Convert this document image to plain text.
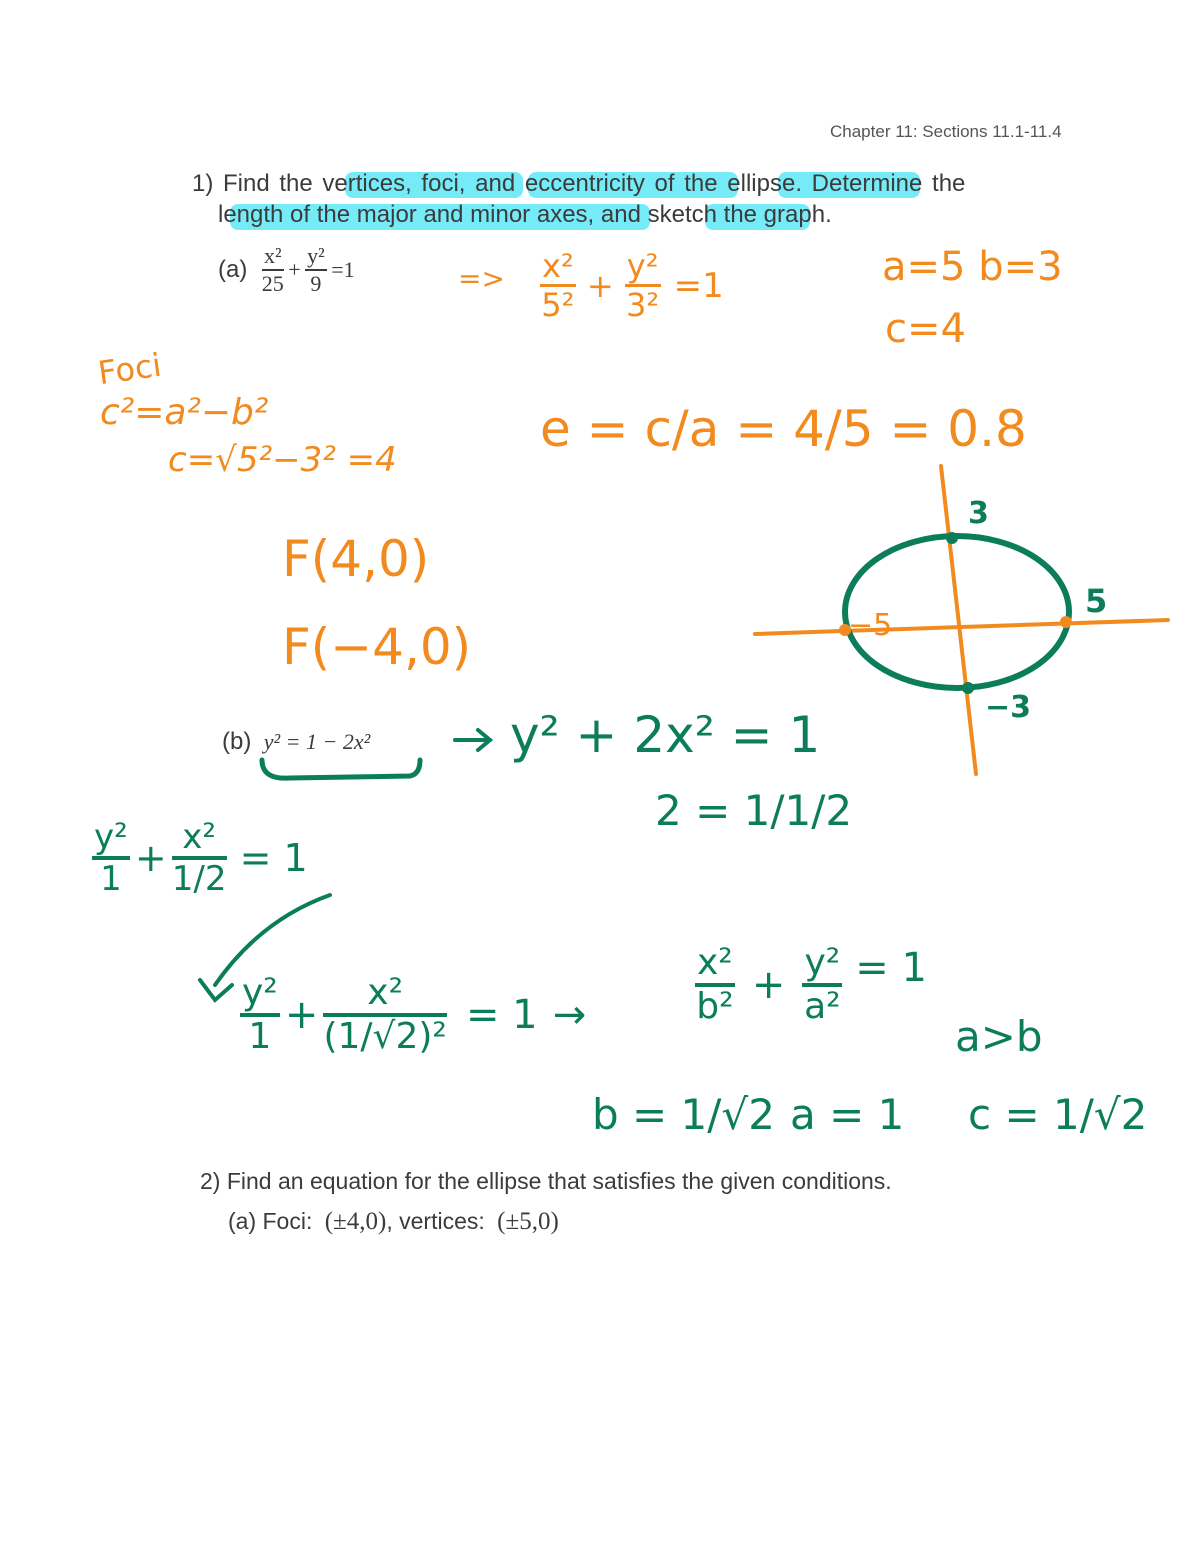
Chapter 11: Sections 11.1-11.4
1) Find the vertices, foci, and eccentricity of the ellipse. Determine the
length of the major and minor axes, and sketch the graph.
$(a) \frac{\text{x²}}{25} + \frac{\text{y²}}{9} =1$	=> $\frac{\text{x²}}{\text{5²}} + \frac{\text{y²}}{\text{3²}} =1$	a=5 b=3
c=4
Foci
c²=a²−b²
c=√5²−3² =4
e = c/a = 4/5 = 0.8
F(4,0)
F(−4,0)
3
−3
−5
5
(b) y² = 1 − 2x²	y² + 2x² = 1
2 = 1/1/2
$\frac{\text{y²}}{1} + \frac{\text{x²}}{1/2} = 1$
$\frac{\text{y²}}{1} + \frac{\text{x²}}{\text{(1/√2)²}} = 1$ →	$\frac{\text{x²}}{\text{b²}} + \frac{\text{y²}}{\text{a²}} = 1$
a>b
b = 1/√2 a = 1 c = 1/√2
2) Find an equation for the ellipse that satisfies the given conditions.
(a) Foci: (±4,0), vertices: (±5,0)
